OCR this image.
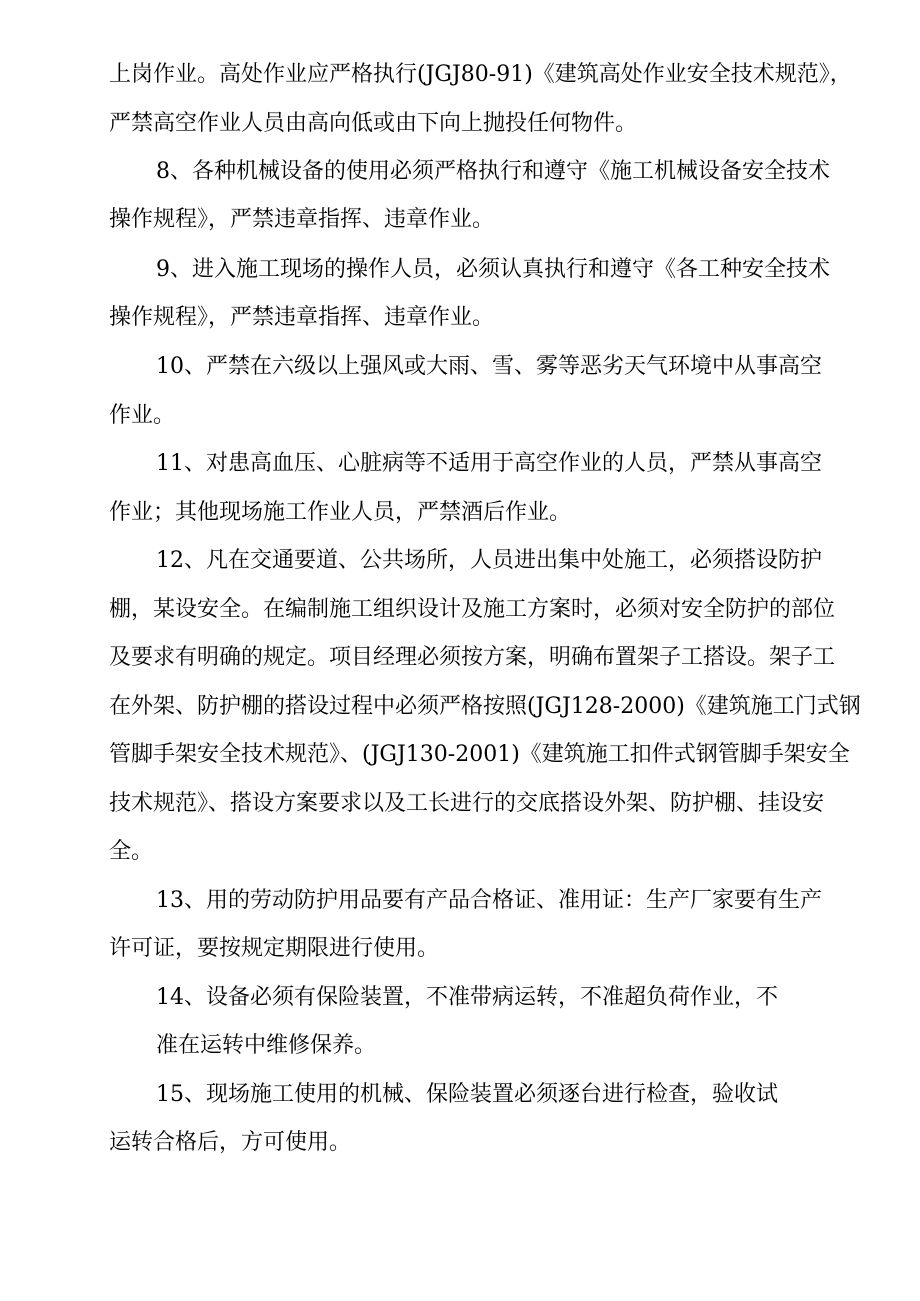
上岗作业。高处作业应严格执行(JGJ80-91)《建筑高处作业安全技术规范》，
严禁高空作业人员由高向低或由下向上抛投任何物件。
8、各种机械设备的使用必须严格执行和遵守《施工机械设备安全技术
操作规程》，严禁违章指挥、违章作业。
9、进入施工现场的操作人员，必须认真执行和遵守《各工种安全技术
操作规程》，严禁违章指挥、违章作业。
10、严禁在六级以上强风或大雨、雪、雾等恶劣天气环境中从事高空
作业。
11、对患高血压、心脏病等不适用于高空作业的人员，严禁从事高空
作业；其他现场施工作业人员，严禁酒后作业。
12、凡在交通要道、公共场所，人员进出集中处施工，必须搭设防护
棚，某设安全。在编制施工组织设计及施工方案时，必须对安全防护的部位
及要求有明确的规定。项目经理必须按方案，明确布置架子工搭设。架子工
在外架、防护棚的搭设过程中必须严格按照(JGJ128-2000)《建筑施工门式钢
管脚手架安全技术规范》、(JGJ130-2001)《建筑施工扣件式钢管脚手架安全
技术规范》、搭设方案要求以及工长进行的交底搭设外架、防护棚、挂设安
全。
13、用的劳动防护用品要有产品合格证、准用证：生产厂家要有生产
许可证，要按规定期限进行使用。
14、设备必须有保险装置，不准带病运转，不准超负荷作业，不
准在运转中维修保养。
15、现场施工使用的机械、保险装置必须逐台进行检查，验收试
运转合格后，方可使用。
